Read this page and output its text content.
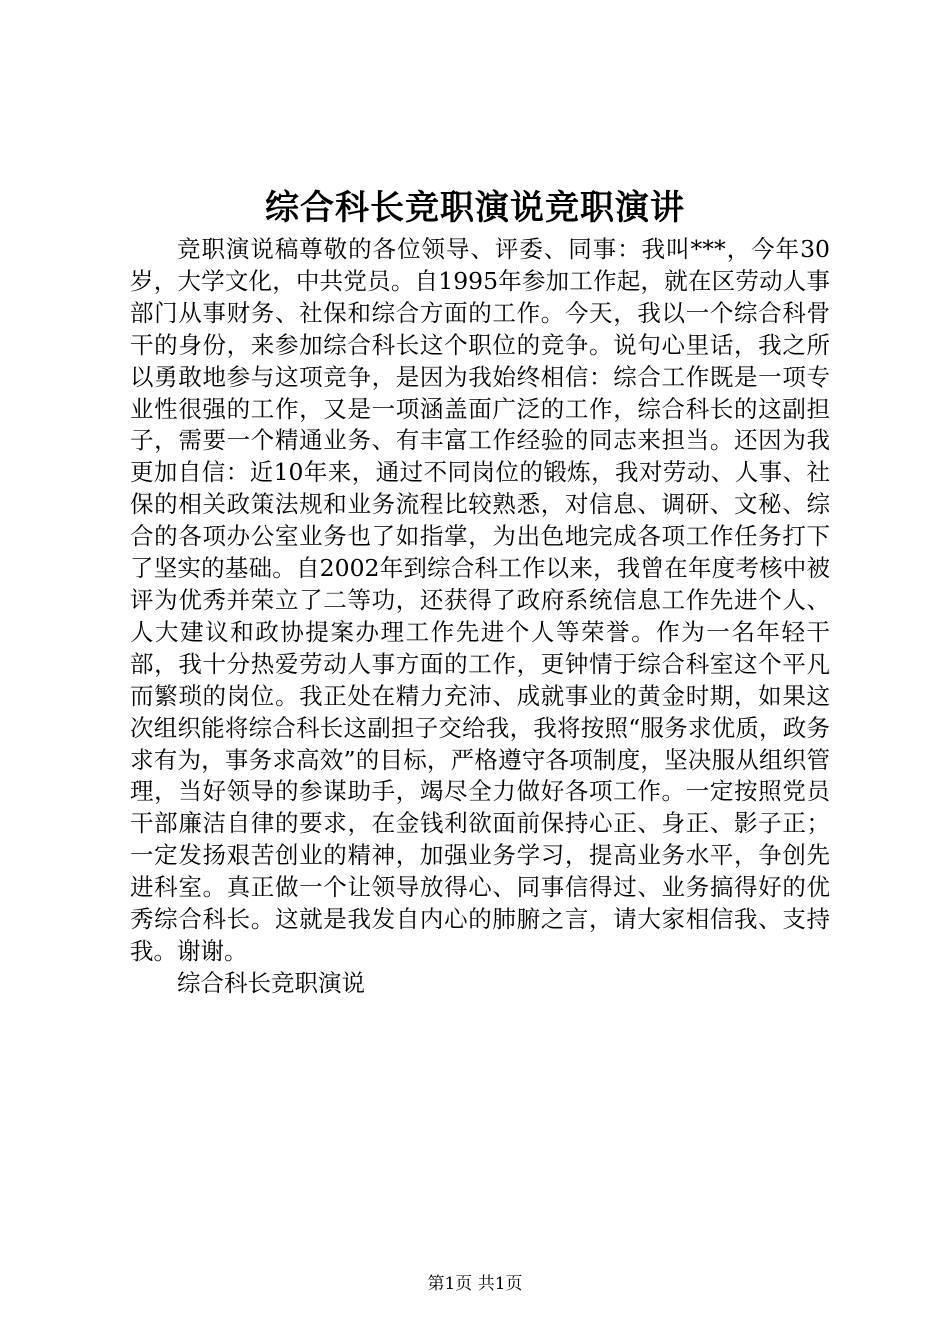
综合科长竞职演说竞职演讲

竞职演说稿尊敬的各位领导、评委、同事：我叫***，今年30岁，大学文化，中共党员。自1995年参加工作起，就在区劳动人事部门从事财务、社保和综合方面的工作。今天，我以一个综合科骨干的身份，来参加综合科长这个职位的竞争。说句心里话，我之所以勇敢地参与这项竞争，是因为我始终相信：综合工作既是一项专业性很强的工作，又是一项涵盖面广泛的工作，综合科长的这副担子，需要一个精通业务、有丰富工作经验的同志来担当。还因为我更加自信：近10年来，通过不同岗位的锻炼，我对劳动、人事、社保的相关政策法规和业务流程比较熟悉，对信息、调研、文秘、综合的各项办公室业务也了如指掌，为出色地完成各项工作任务打下了坚实的基础。自2002年到综合科工作以来，我曾在年度考核中被评为优秀并荣立了二等功，还获得了政府系统信息工作先进个人、人大建议和政协提案办理工作先进个人等荣誉。作为一名年轻干部，我十分热爱劳动人事方面的工作，更钟情于综合科室这个平凡而繁琐的岗位。我正处在精力充沛、成就事业的黄金时期，如果这次组织能将综合科长这副担子交给我，我将按照“服务求优质，政务求有为，事务求高效”的目标，严格遵守各项制度，坚决服从组织管理，当好领导的参谋助手，竭尽全力做好各项工作。一定按照党员干部廉洁自律的要求，在金钱利欲面前保持心正、身正、影子正；一定发扬艰苦创业的精神，加强业务学习，提高业务水平，争创先进科室。真正做一个让领导放得心、同事信得过、业务搞得好的优秀综合科长。这就是我发自内心的肺腑之言，请大家相信我、支持我。谢谢。

综合科长竞职演说

第1页 共1页
